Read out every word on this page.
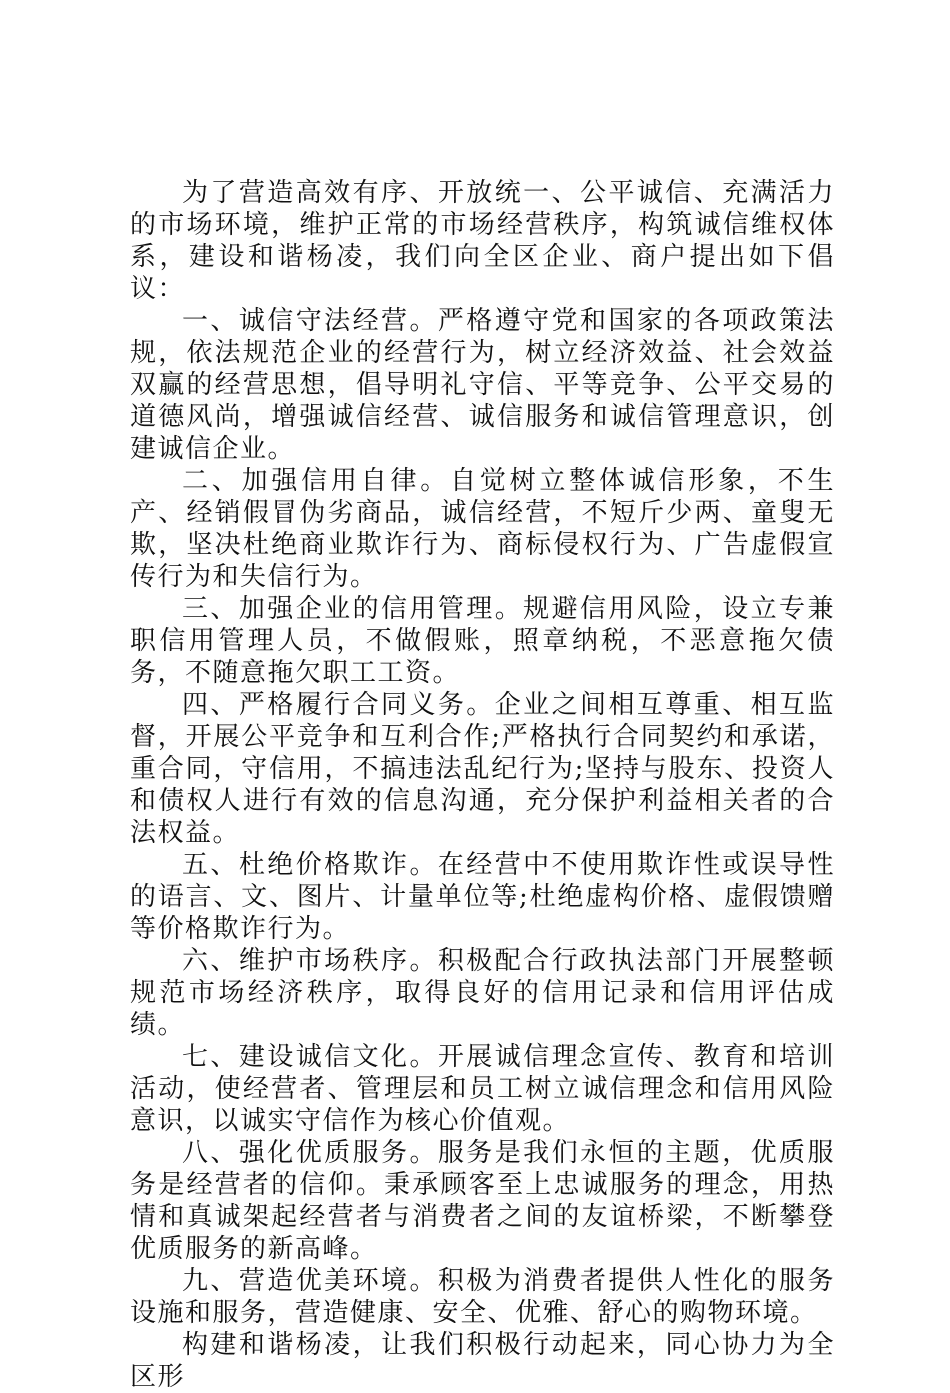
为了营造高效有序、开放统一、公平诚信、充满活力的市场环境，维护正常的市场经营秩序，构筑诚信维权体系，建设和谐杨凌，我们向全区企业、商户提出如下倡议：

一、诚信守法经营。严格遵守党和国家的各项政策法规，依法规范企业的经营行为，树立经济效益、社会效益双赢的经营思想，倡导明礼守信、平等竞争、公平交易的道德风尚，增强诚信经营、诚信服务和诚信管理意识，创建诚信企业。

二、加强信用自律。自觉树立整体诚信形象，不生产、经销假冒伪劣商品，诚信经营，不短斤少两、童叟无欺，坚决杜绝商业欺诈行为、商标侵权行为、广告虚假宣传行为和失信行为。

三、加强企业的信用管理。规避信用风险，设立专兼职信用管理人员，不做假账，照章纳税，不恶意拖欠债务，不随意拖欠职工工资。

四、严格履行合同义务。企业之间相互尊重、相互监督，开展公平竞争和互利合作;严格执行合同契约和承诺，重合同，守信用，不搞违法乱纪行为;坚持与股东、投资人和债权人进行有效的信息沟通，充分保护利益相关者的合法权益。

五、杜绝价格欺诈。在经营中不使用欺诈性或误导性的语言、文、图片、计量单位等;杜绝虚构价格、虚假馈赠等价格欺诈行为。

六、维护市场秩序。积极配合行政执法部门开展整顿规范市场经济秩序，取得良好的信用记录和信用评估成绩。

七、建设诚信文化。开展诚信理念宣传、教育和培训活动，使经营者、管理层和员工树立诚信理念和信用风险意识，以诚实守信作为核心价值观。

八、强化优质服务。服务是我们永恒的主题，优质服务是经营者的信仰。秉承顾客至上忠诚服务的理念，用热情和真诚架起经营者与消费者之间的友谊桥梁，不断攀登优质服务的新高峰。

九、营造优美环境。积极为消费者提供人性化的服务设施和服务，营造健康、安全、优雅、舒心的购物环境。

构建和谐杨凌，让我们积极行动起来，同心协力为全区形
